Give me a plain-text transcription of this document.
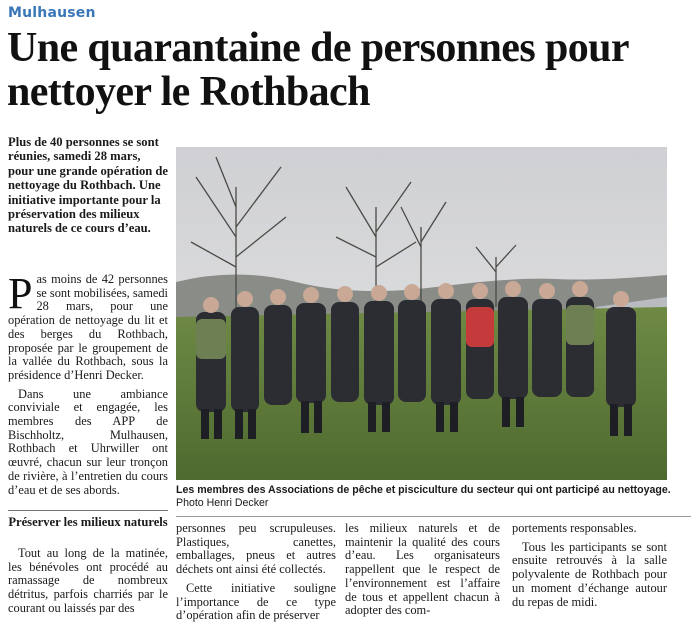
Mulhausen
Une quarantaine de personnes pour nettoyer le Rothbach

Plus de 40 personnes se sont réunies, samedi 28 mars, pour une grande opération de nettoyage du Rothbach. Une initiative importante pour la préservation des milieux naturels de ce cours d’eau.

Pas moins de 42 personnes se sont mobilisées, samedi 28 mars, pour une opération de nettoyage du lit et des berges du Rothbach, proposée par le groupement de la vallée du Rothbach, sous la présidence d’Henri Decker.

Dans une ambiance conviviale et engagée, les membres des APP de Bischholtz, Mulhausen, Rothbach et Uhrwiller ont œuvré, chacun sur leur tronçon de rivière, à l’entretien du cours d’eau et de ses abords.

Préserver les milieux naturels

Tout au long de la matinée, les bénévoles ont procédé au ramassage de nombreux détritus, parfois charriés par le courant ou laissés par des

Les membres des Associations de pêche et pisciculture du secteur qui ont participé au nettoyage. Photo Henri Decker

personnes peu scrupuleuses. Plastiques, canettes, emballages, pneus et autres déchets ont ainsi été collectés.

Cette initiative souligne l’importance de ce type d’opération afin de préserver

les milieux naturels et de maintenir la qualité des cours d’eau. Les organisateurs rappellent que le respect de l’environnement est l’affaire de tous et appellent chacun à adopter des com-

portements responsables.

Tous les participants se sont ensuite retrouvés à la salle polyvalente de Rothbach pour un moment d’échange autour du repas de midi.
